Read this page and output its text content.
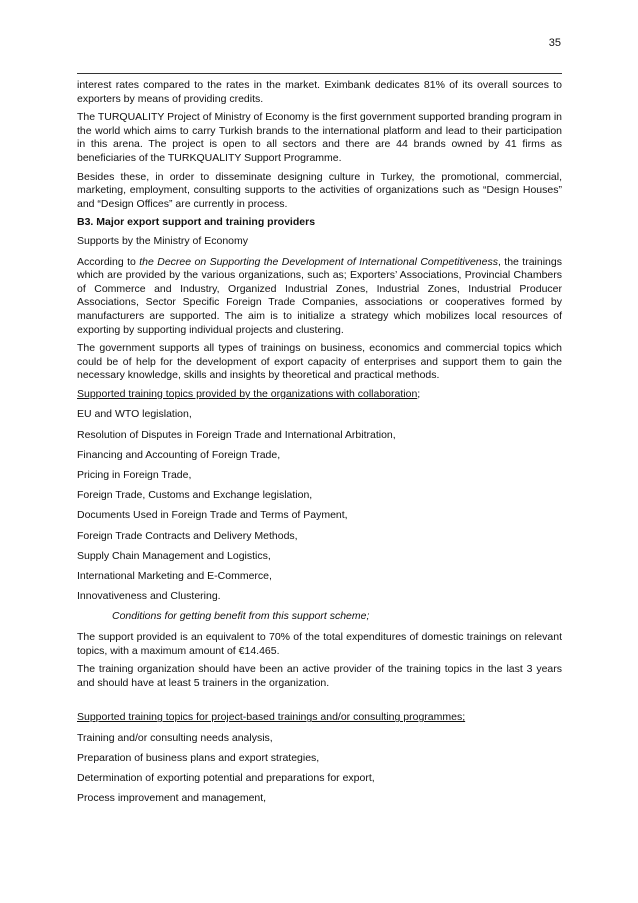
35

interest rates compared to the rates in the market. Eximbank dedicates 81% of its overall sources to exporters by means of providing credits.

The TURQUALITY Project of Ministry of Economy is the first government supported branding program in the world which aims to carry Turkish brands to the international platform and lead to their participation in this arena. The project is open to all sectors and there are 44 brands owned by 41 firms as beneficiaries of the TURKQUALITY Support Programme.

Besides these, in order to disseminate designing culture in Turkey, the promotional, commercial, marketing, employment, consulting supports to the activities of organizations such as “Design Houses” and “Design Offices” are currently in process.

B3. Major export support and training providers

Supports by the Ministry of Economy

According to the Decree on Supporting the Development of International Competitiveness, the trainings which are provided by the various organizations, such as; Exporters’ Associations, Provincial Chambers of Commerce and Industry, Organized Industrial Zones, Industrial Zones, Industrial Producer Associations, Sector Specific Foreign Trade Companies, associations or cooperatives formed by manufacturers are supported. The aim is to initialize a strategy which mobilizes local resources of exporting by supporting individual projects and clustering.

The government supports all types of trainings on business, economics and commercial topics which could be of help for the development of export capacity of enterprises and support them to gain the necessary knowledge, skills and insights by theoretical and practical methods.

Supported training topics provided by the organizations with collaboration;

EU and WTO legislation,
Resolution of Disputes in Foreign Trade and International Arbitration,
Financing and Accounting of Foreign Trade,
Pricing in Foreign Trade,
Foreign Trade, Customs and Exchange legislation,
Documents Used in Foreign Trade and Terms of Payment,
Foreign Trade Contracts and Delivery Methods,
Supply Chain Management and Logistics,
International Marketing and E-Commerce,
Innovativeness and Clustering.

Conditions for getting benefit from this support scheme;

The support provided is an equivalent to 70% of the total expenditures of domestic trainings on relevant topics, with a maximum amount of €14.465.

The training organization should have been an active provider of the training topics in the last 3 years and should have at least 5 trainers in the organization.

Supported training topics for project-based trainings and/or consulting programmes;

Training and/or consulting needs analysis,
Preparation of business plans and export strategies,
Determination of exporting potential and preparations for export,
Process improvement and management,
